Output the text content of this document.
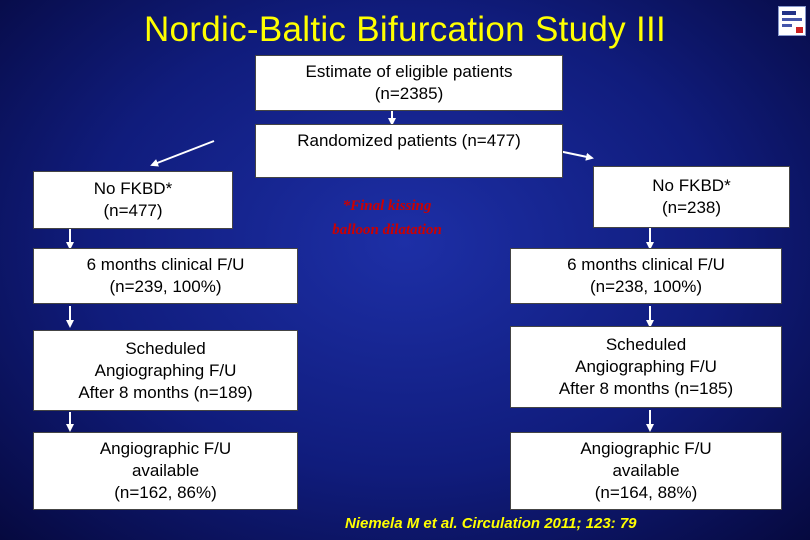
Nordic-Baltic Bifurcation Study III
Estimate of eligible patients
(n=2385)
Randomized patients (n=477)
*Final kissing
balloon dilatation
No FKBD*
(n=477)
6 months clinical F/U
(n=239, 100%)
Scheduled
Angiographing F/U
After 8 months (n=189)
Angiographic F/U
available
(n=162, 86%)
No FKBD*
(n=238)
6 months clinical F/U
(n=238, 100%)
Scheduled
Angiographing F/U
After 8 months (n=185)
Angiographic F/U
available
(n=164, 88%)
Niemela M et al. Circulation 2011; 123: 79
